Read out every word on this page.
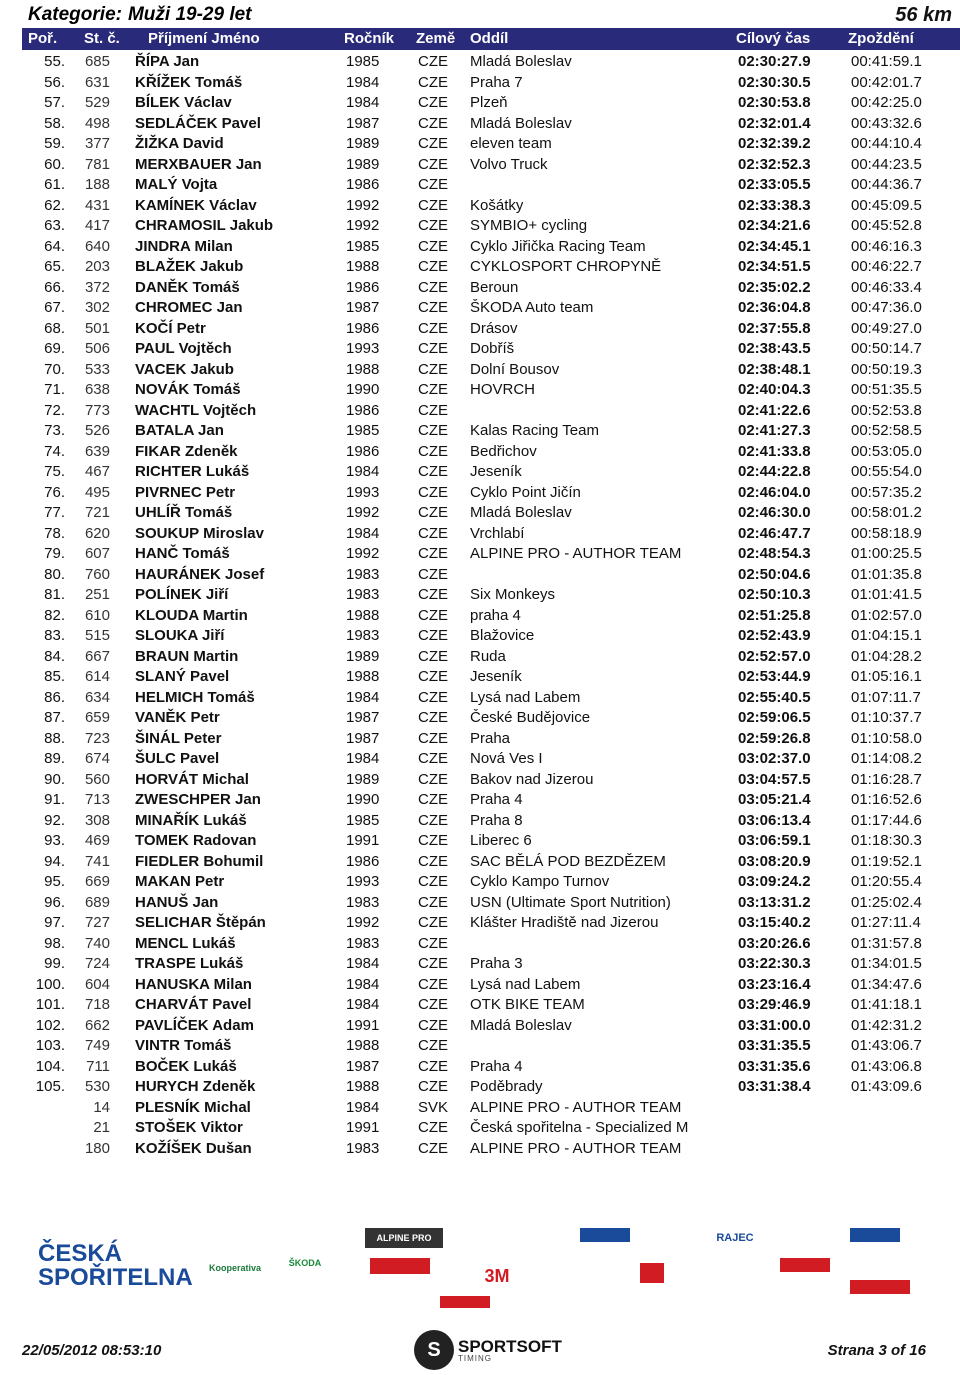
Kategorie: Muži 19-29 let	56 km
Poř. St. č. Příjmení Jméno	Ročník Země Oddíl	Cílový čas	Zpoždění
55. 685 ŘÍPA Jan	1985	CZE Mladá Boleslav	02:30:27.9	00:41:59.1
56. 631 KŘÍŽEK Tomáš	1984	CZE Praha 7	02:30:30.5	00:42:01.7
57. 529 BÍLEK Václav	1984	CZE Plzeň	02:30:53.8	00:42:25.0
58. 498 SEDLÁČEK Pavel	1987	CZE Mladá Boleslav	02:32:01.4	00:43:32.6
59. 377 ŽIŽKA David	1989	CZE eleven team	02:32:39.2	00:44:10.4
60. 781 MERXBAUER Jan	1989	CZE Volvo Truck	02:32:52.3	00:44:23.5
61. 188 MALÝ Vojta	1986	CZE	02:33:05.5	00:44:36.7
62. 431 KAMÍNEK Václav	1992	CZE Košátky	02:33:38.3	00:45:09.5
63. 417 CHRAMOSIL Jakub	1992	CZE SYMBIO+ cycling	02:34:21.6	00:45:52.8
64. 640 JINDRA Milan	1985	CZE Cyklo Jiřička Racing Team	02:34:45.1	00:46:16.3
65. 203 BLAŽEK Jakub	1988	CZE CYKLOSPORT CHROPYNĚ	02:34:51.5	00:46:22.7
66. 372 DANĚK Tomáš	1986	CZE Beroun	02:35:02.2	00:46:33.4
67. 302 CHROMEC Jan	1987	CZE ŠKODA Auto team	02:36:04.8	00:47:36.0
68. 501 KOČÍ Petr	1986	CZE Drásov	02:37:55.8	00:49:27.0
69. 506 PAUL Vojtěch	1993	CZE Dobříš	02:38:43.5	00:50:14.7
70. 533 VACEK Jakub	1988	CZE Dolní Bousov	02:38:48.1	00:50:19.3
71. 638 NOVÁK Tomáš	1990	CZE HOVRCH	02:40:04.3	00:51:35.5
72. 773 WACHTL Vojtěch	1986	CZE	02:41:22.6	00:52:53.8
73. 526 BATALA Jan	1985	CZE Kalas Racing Team	02:41:27.3	00:52:58.5
74. 639 FIKAR Zdeněk	1986	CZE Bedřichov	02:41:33.8	00:53:05.0
75. 467 RICHTER Lukáš	1984	CZE Jeseník	02:44:22.8	00:55:54.0
76. 495 PIVRNEC Petr	1993	CZE Cyklo Point Jičín	02:46:04.0	00:57:35.2
77. 721 UHLÍŘ Tomáš	1992	CZE Mladá Boleslav	02:46:30.0	00:58:01.2
78. 620 SOUKUP Miroslav	1984	CZE Vrchlabí	02:46:47.7	00:58:18.9
79. 607 HANČ Tomáš	1992	CZE ALPINE PRO - AUTHOR TEAM	02:48:54.3	01:00:25.5
80. 760 HAURÁNEK Josef	1983	CZE	02:50:04.6	01:01:35.8
81. 251 POLÍNEK Jiří	1983	CZE Six Monkeys	02:50:10.3	01:01:41.5
82. 610 KLOUDA Martin	1988	CZE praha 4	02:51:25.8	01:02:57.0
83. 515 SLOUKA Jiří	1983	CZE Blažovice	02:52:43.9	01:04:15.1
84. 667 BRAUN Martin	1989	CZE Ruda	02:52:57.0	01:04:28.2
85. 614 SLANÝ Pavel	1988	CZE Jeseník	02:53:44.9	01:05:16.1
86. 634 HELMICH Tomáš	1984	CZE Lysá nad Labem	02:55:40.5	01:07:11.7
87. 659 VANĚK Petr	1987	CZE České Budějovice	02:59:06.5	01:10:37.7
88. 723 ŠINÁL Peter	1987	CZE Praha	02:59:26.8	01:10:58.0
89. 674 ŠULC Pavel	1984	CZE Nová Ves I	03:02:37.0	01:14:08.2
90. 560 HORVÁT Michal	1989	CZE Bakov nad Jizerou	03:04:57.5	01:16:28.7
91. 713 ZWESCHPER Jan	1990	CZE Praha 4	03:05:21.4	01:16:52.6
92. 308 MINAŘÍK Lukáš	1985	CZE Praha 8	03:06:13.4	01:17:44.6
93. 469 TOMEK Radovan	1991	CZE Liberec 6	03:06:59.1	01:18:30.3
94. 741 FIEDLER Bohumil	1986	CZE SAC BĚLÁ POD BEZDĚZEM	03:08:20.9	01:19:52.1
95. 669 MAKAN Petr	1993	CZE Cyklo Kampo Turnov	03:09:24.2	01:20:55.4
96. 689 HANUŠ Jan	1983	CZE USN (Ultimate Sport Nutrition)	03:13:31.2	01:25:02.4
97. 727 SELICHAR Štěpán	1992	CZE Klášter Hradiště nad Jizerou	03:15:40.2	01:27:11.4
98. 740 MENCL Lukáš	1983	CZE	03:20:26.6	01:31:57.8
99. 724 TRASPE Lukáš	1984	CZE Praha 3	03:22:30.3	01:34:01.5
100. 604 HANUSKA Milan	1984	CZE Lysá nad Labem	03:23:16.4	01:34:47.6
101. 718 CHARVÁT Pavel	1984	CZE OTK BIKE TEAM	03:29:46.9	01:41:18.1
102. 662 PAVLÍČEK Adam	1991	CZE Mladá Boleslav	03:31:00.0	01:42:31.2
103. 749 VINTR Tomáš	1988	CZE	03:31:35.5	01:43:06.7
104. 711 BOČEK Lukáš	1987	CZE Praha 4	03:31:35.6	01:43:06.8
105. 530 HURYCH Zdeněk	1988	CZE Poděbrady	03:31:38.4	01:43:09.6
14 PLESNÍK Michal	1984	SVK ALPINE PRO - AUTHOR TEAM
21 STOŠEK Viktor	1991	CZE Česká spořitelna - Specialized M
180 KOŽÍŠEK Dušan	1983	CZE ALPINE PRO - AUTHOR TEAM
ČESKÁ SPOŘITELNA	Kooperativa	ŠKODA
ALPINE PRO
3M
RAJEC
22/05/2012 08:53:10	S	SPORTSOFT
TIMING	Strana 3 of 16
